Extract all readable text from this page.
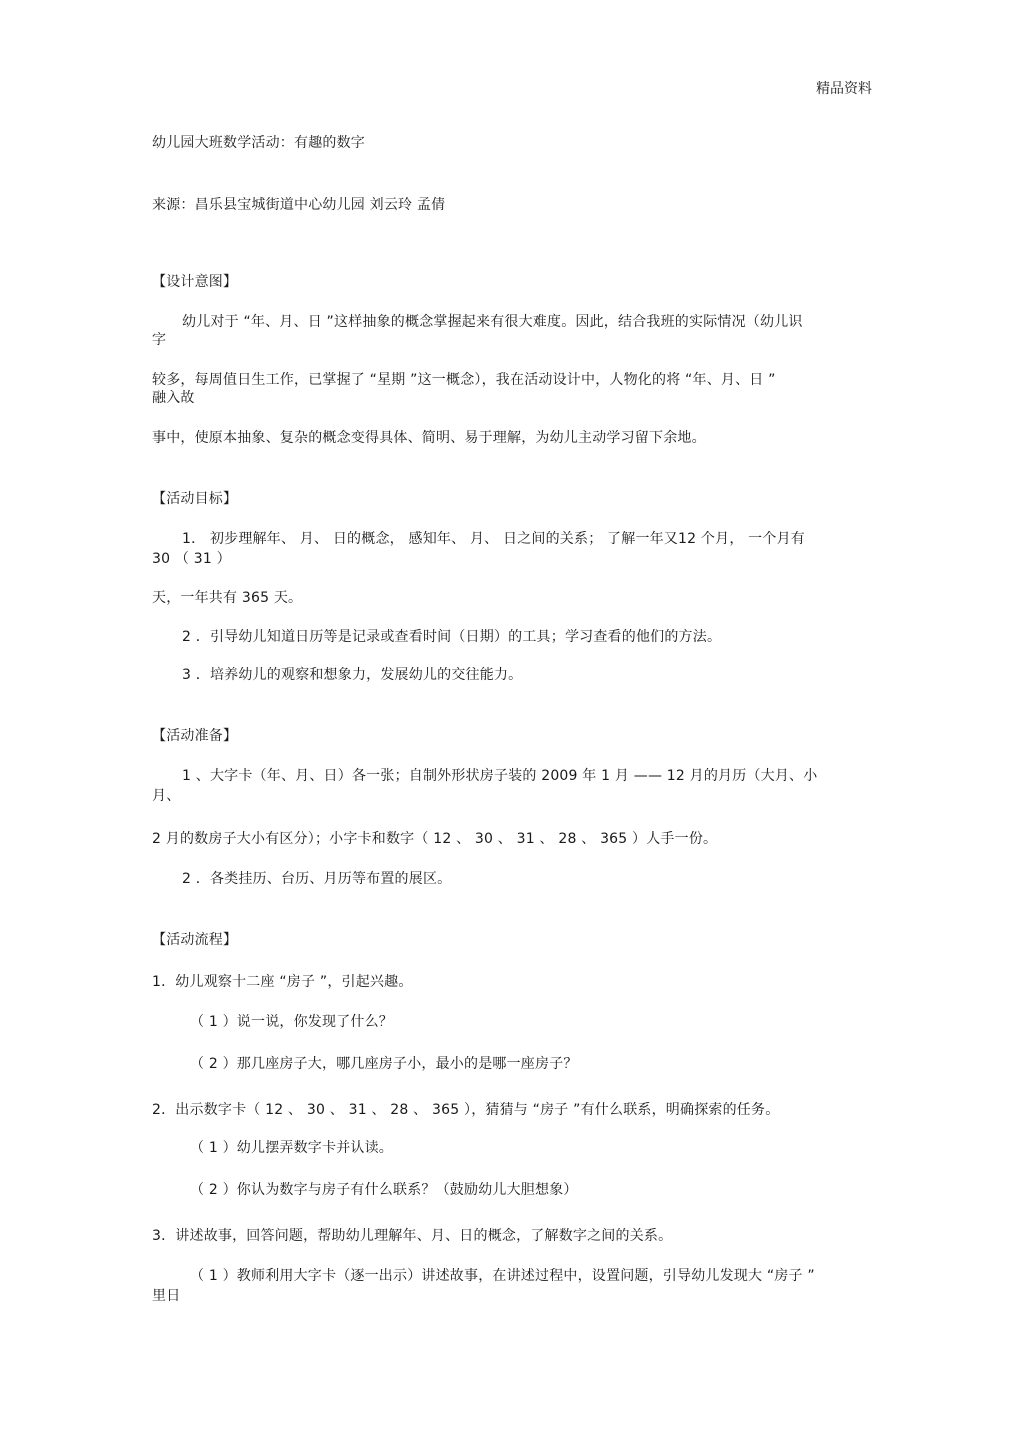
精品资料
幼儿园大班数学活动：有趣的数字
来源：昌乐县宝城街道中心幼儿园 刘云玲 孟倩
【设计意图】
幼儿对于 “年、月、日 ”这样抽象的概念掌握起来有很大难度。因此，结合我班的实际情况（幼儿识
字
较多，每周值日生工作，已掌握了 “星期 ”这一概念），我在活动设计中，人物化的将 “年、月、日 ”
融入故
事中，使原本抽象、复杂的概念变得具体、简明、易于理解，为幼儿主动学习留下余地。
【活动目标】
1． 初步理解年、 月、 日的概念， 感知年、 月、 日之间的关系； 了解一年又12 个月， 一个月有
30 （ 31 ）
天，一年共有 365 天。
2 ．引导幼儿知道日历等是记录或查看时间（日期）的工具；学习查看的他们的方法。
3 ．培养幼儿的观察和想象力，发展幼儿的交往能力。
【活动准备】
1 、大字卡（年、月、日）各一张；自制外形状房子装的 2009 年 1 月 —— 12 月的月历（大月、小
月、
2 月的数房子大小有区分）；小字卡和数字（ 12 、 30 、 31 、 28 、 365 ）人手一份。
2 ．各类挂历、台历、月历等布置的展区。
【活动流程】
1．幼儿观察十二座 “房子 ”，引起兴趣。
（ 1 ）说一说，你发现了什么？
（ 2 ）那几座房子大，哪几座房子小，最小的是哪一座房子？
2．出示数字卡（ 12 、 30 、 31 、 28 、 365 ），猜猜与 “房子 ”有什么联系，明确探索的任务。
（ 1 ）幼儿摆弄数字卡并认读。
（ 2 ）你认为数字与房子有什么联系？（鼓励幼儿大胆想象）
3．讲述故事，回答问题，帮助幼儿理解年、月、日的概念，了解数字之间的关系。
（ 1 ）教师利用大字卡（逐一出示）讲述故事，在讲述过程中，设置问题，引导幼儿发现大 “房子 ”
里日
